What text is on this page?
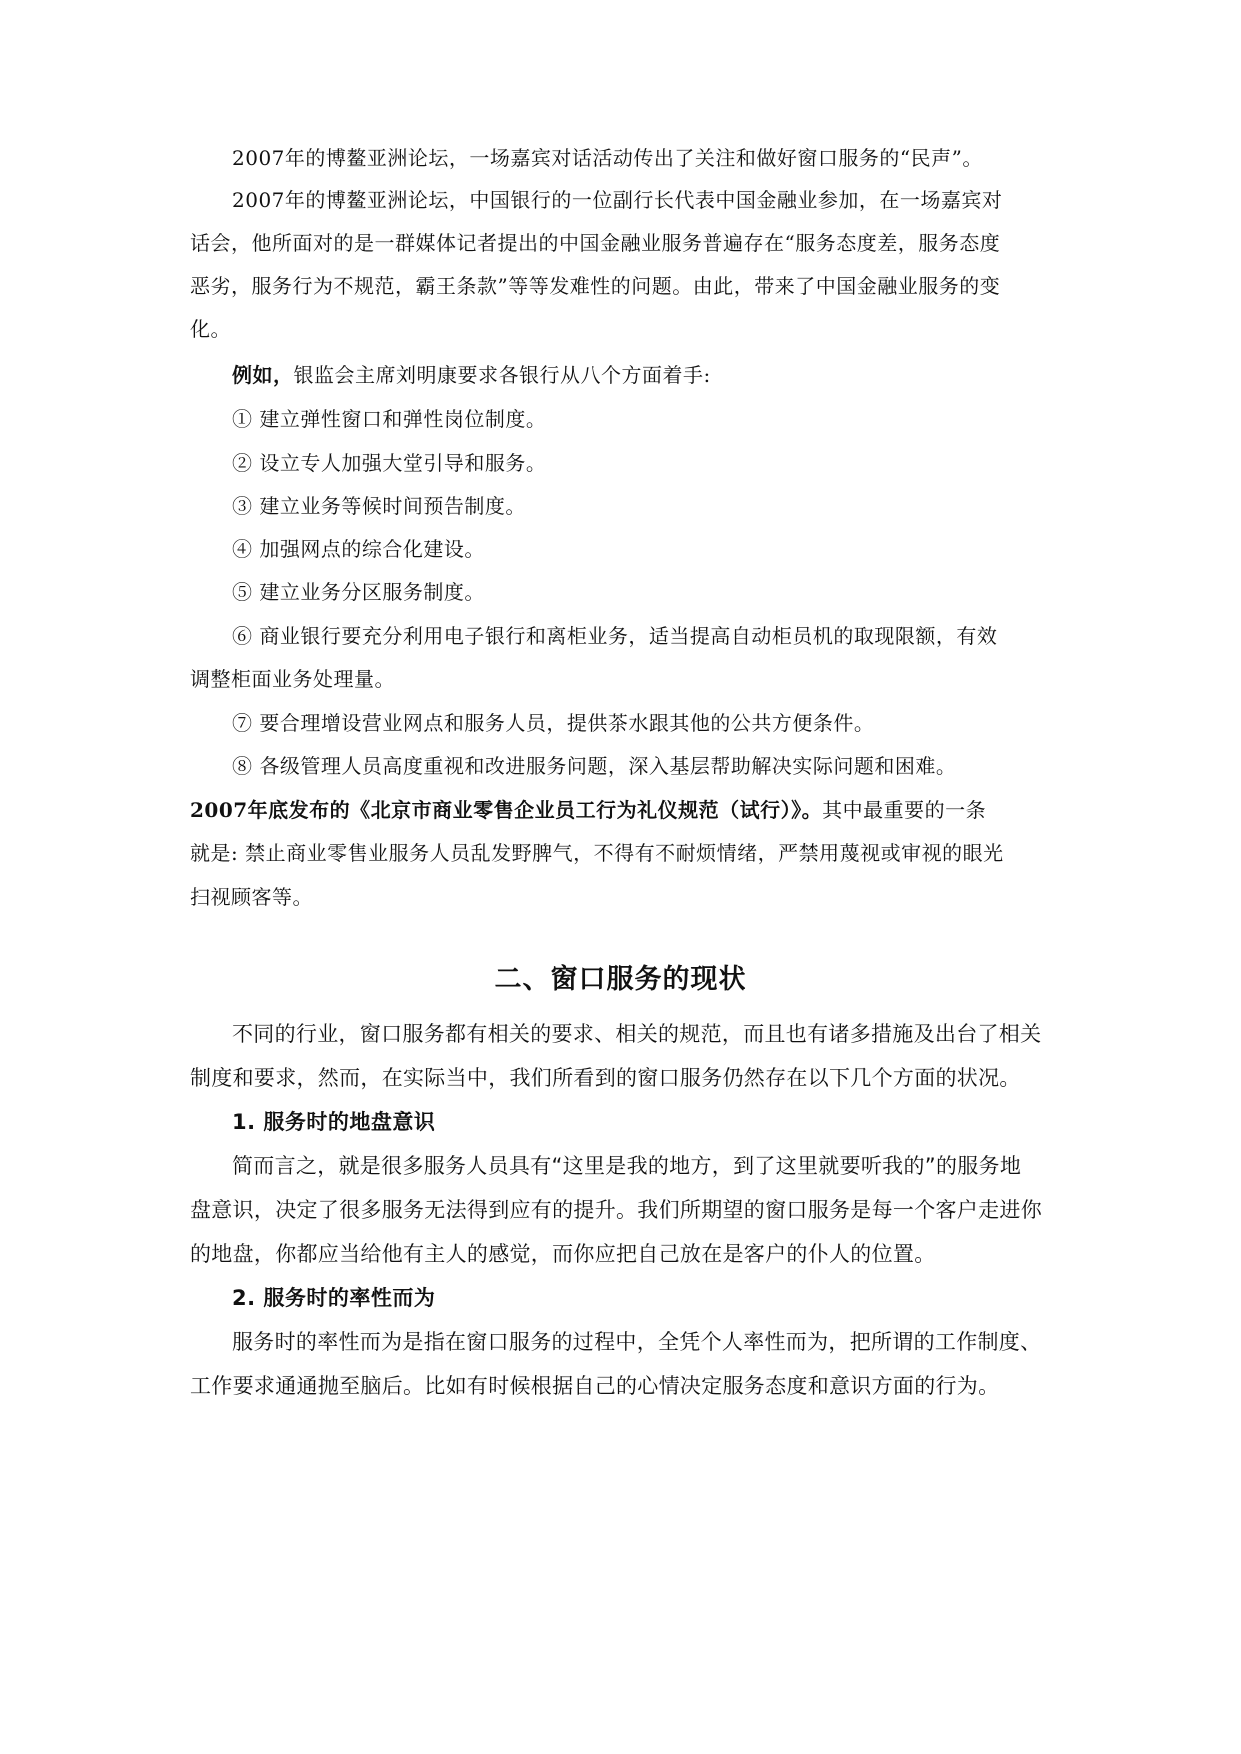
2007年的博鳌亚洲论坛，一场嘉宾对话活动传出了关注和做好窗口服务的“民声”。
2007年的博鳌亚洲论坛，中国银行的一位副行长代表中国金融业参加，在一场嘉宾对
话会，他所面对的是一群媒体记者提出的中国金融业服务普遍存在“服务态度差，服务态度
恶劣，服务行为不规范，霸王条款”等等发难性的问题。由此，带来了中国金融业服务的变
化。
例如，银监会主席刘明康要求各银行从八个方面着手:
① 建立弹性窗口和弹性岗位制度。
② 设立专人加强大堂引导和服务。
③ 建立业务等候时间预告制度。
④ 加强网点的综合化建设。
⑤ 建立业务分区服务制度。
⑥ 商业银行要充分利用电子银行和离柜业务，适当提高自动柜员机的取现限额，有效
调整柜面业务处理量。
⑦ 要合理增设营业网点和服务人员，提供茶水跟其他的公共方便条件。
⑧ 各级管理人员高度重视和改进服务问题，深入基层帮助解决实际问题和困难。
2007年底发布的《北京市商业零售企业员工行为礼仪规范（试行）》。其中最重要的一条
就是: 禁止商业零售业服务人员乱发野脾气，不得有不耐烦情绪，严禁用蔑视或审视的眼光
扫视顾客等。
二、窗口服务的现状
不同的行业，窗口服务都有相关的要求、相关的规范，而且也有诸多措施及出台了相关
制度和要求，然而，在实际当中，我们所看到的窗口服务仍然存在以下几个方面的状况。
1. 服务时的地盘意识
简而言之，就是很多服务人员具有“这里是我的地方，到了这里就要听我的”的服务地
盘意识，决定了很多服务无法得到应有的提升。我们所期望的窗口服务是每一个客户走进你
的地盘，你都应当给他有主人的感觉，而你应把自己放在是客户的仆人的位置。
2. 服务时的率性而为
服务时的率性而为是指在窗口服务的过程中，全凭个人率性而为，把所谓的工作制度、
工作要求通通抛至脑后。比如有时候根据自己的心情决定服务态度和意识方面的行为。
